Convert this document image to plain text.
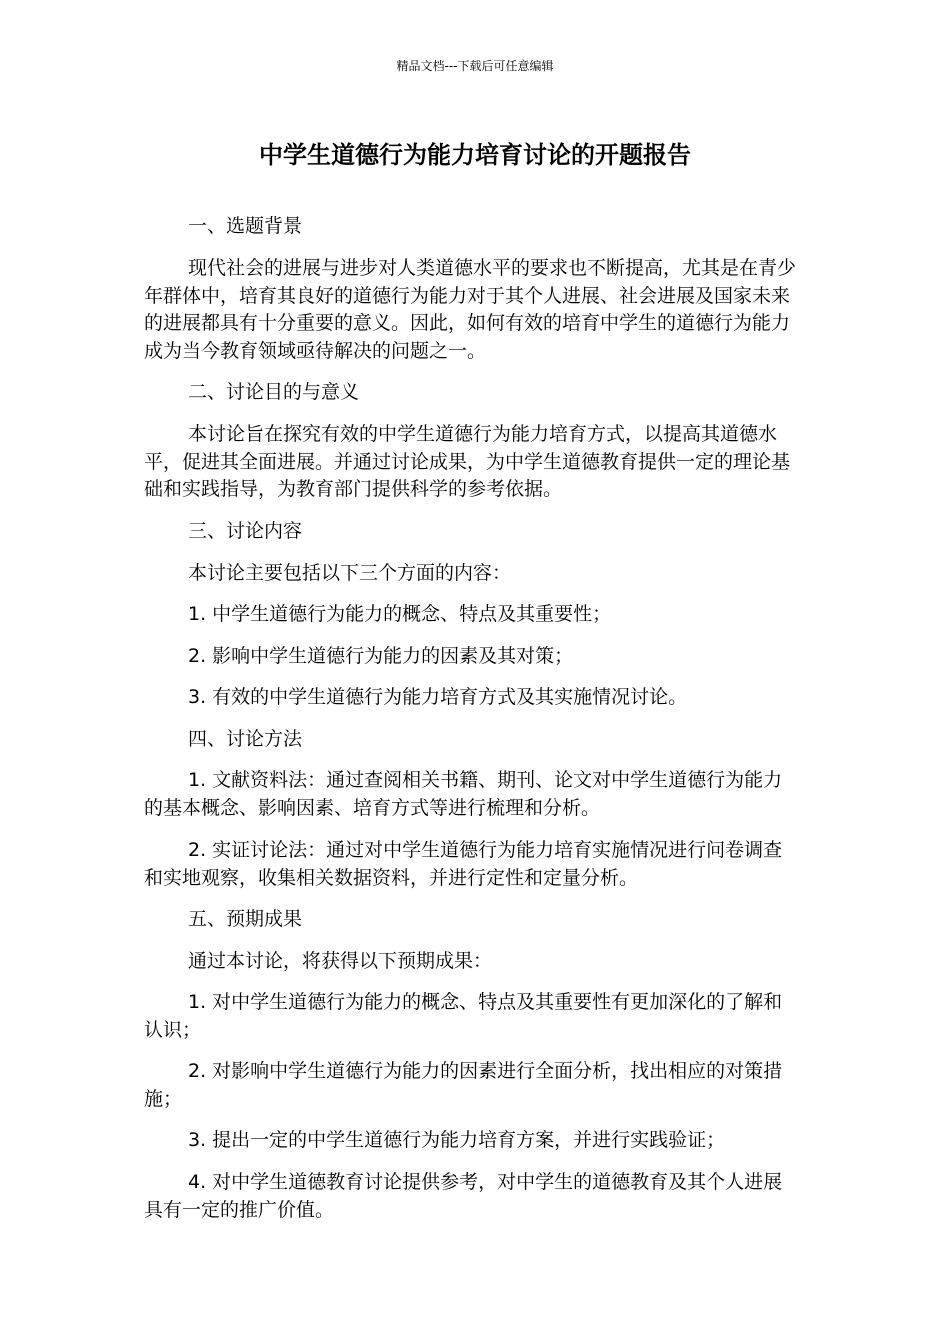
精品文档---下载后可任意编辑
中学生道德行为能力培育讨论的开题报告

一、选题背景

现代社会的进展与进步对人类道德水平的要求也不断提高，尤其是在青少年群体中，培育其良好的道德行为能力对于其个人进展、社会进展及国家未来的进展都具有十分重要的意义。因此，如何有效的培育中学生的道德行为能力成为当今教育领域亟待解决的问题之一。

二、讨论目的与意义

本讨论旨在探究有效的中学生道德行为能力培育方式，以提高其道德水平，促进其全面进展。并通过讨论成果，为中学生道德教育提供一定的理论基础和实践指导，为教育部门提供科学的参考依据。

三、讨论内容

本讨论主要包括以下三个方面的内容：

1. 中学生道德行为能力的概念、特点及其重要性；

2. 影响中学生道德行为能力的因素及其对策；

3. 有效的中学生道德行为能力培育方式及其实施情况讨论。

四、讨论方法

1. 文献资料法：通过查阅相关书籍、期刊、论文对中学生道德行为能力的基本概念、影响因素、培育方式等进行梳理和分析。

2. 实证讨论法：通过对中学生道德行为能力培育实施情况进行问卷调查和实地观察，收集相关数据资料，并进行定性和定量分析。

五、预期成果

通过本讨论，将获得以下预期成果：

1. 对中学生道德行为能力的概念、特点及其重要性有更加深化的了解和认识；

2. 对影响中学生道德行为能力的因素进行全面分析，找出相应的对策措施；

3. 提出一定的中学生道德行为能力培育方案，并进行实践验证；

4. 对中学生道德教育讨论提供参考，对中学生的道德教育及其个人进展具有一定的推广价值。
